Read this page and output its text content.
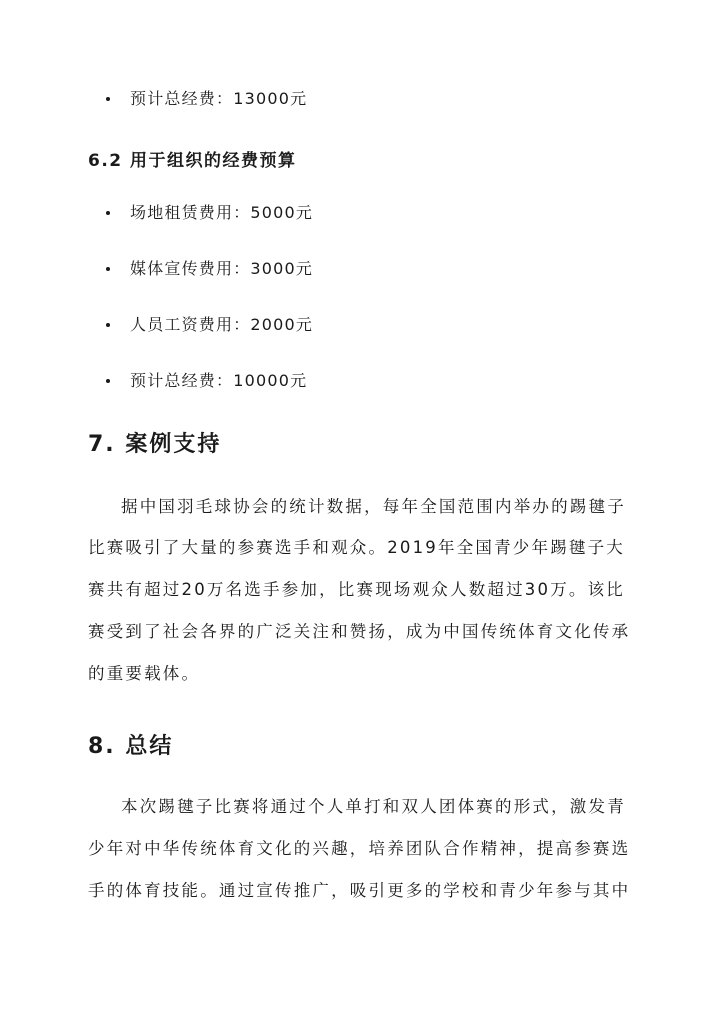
预计总经费：13000元
6.2 用于组织的经费预算
场地租赁费用：5000元
媒体宣传费用：3000元
人员工资费用：2000元
预计总经费：10000元
7. 案例支持
据中国羽毛球协会的统计数据，每年全国范围内举办的踢毽子
比赛吸引了大量的参赛选手和观众。2019年全国青少年踢毽子大
赛共有超过20万名选手参加，比赛现场观众人数超过30万。该比
赛受到了社会各界的广泛关注和赞扬，成为中国传统体育文化传承
的重要载体。
8. 总结
本次踢毽子比赛将通过个人单打和双人团体赛的形式，激发青
少年对中华传统体育文化的兴趣，培养团队合作精神，提高参赛选
手的体育技能。通过宣传推广，吸引更多的学校和青少年参与其中
